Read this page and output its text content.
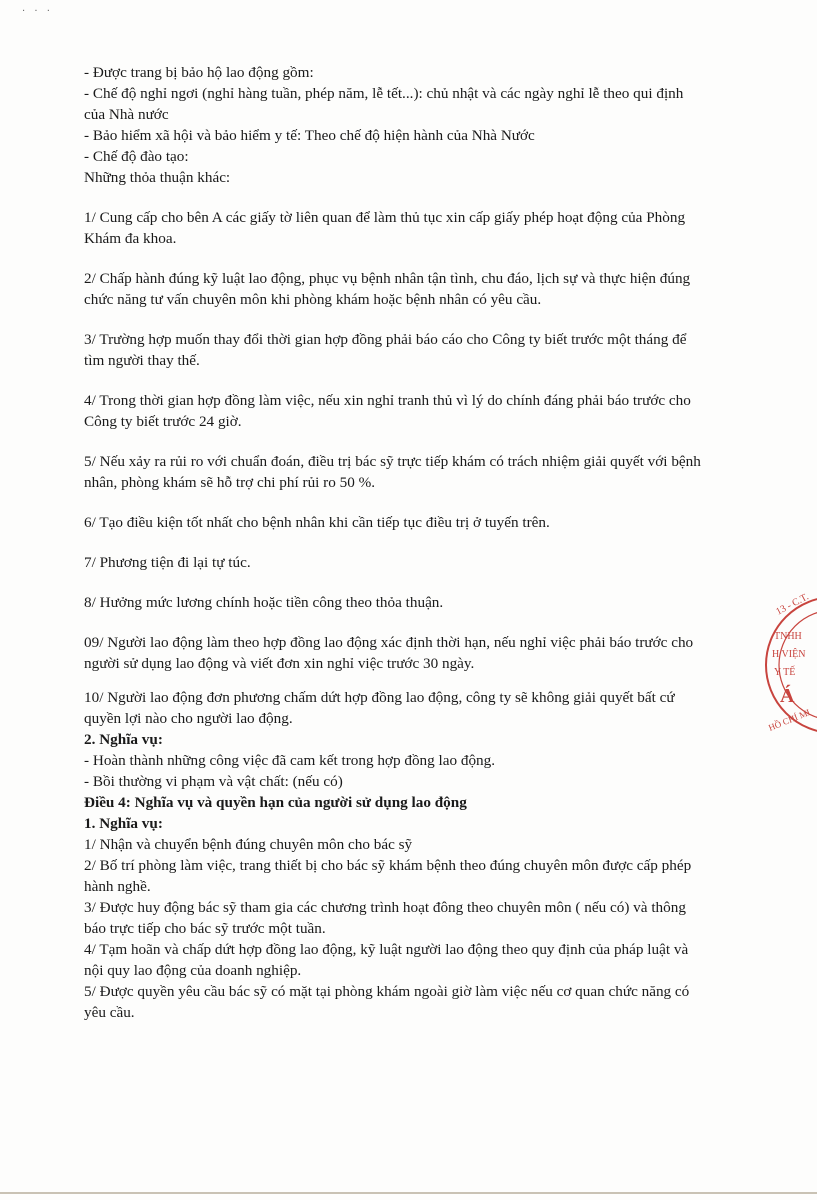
· · ·
- Được trang bị bảo hộ lao động gồm:
- Chế độ nghỉ ngơi (nghỉ hàng tuần, phép năm, lễ tết...): chủ nhật và các ngày nghỉ lễ theo qui định
của Nhà nước
- Bảo hiểm xã hội và bảo hiểm y tế: Theo chế độ hiện hành của Nhà Nước
- Chế độ đào tạo:
Những thỏa thuận khác:
1/ Cung cấp cho bên A các giấy tờ liên quan để làm thủ tục xin cấp giấy phép hoạt động của Phòng
Khám đa khoa.
2/ Chấp hành đúng kỹ luật lao động, phục vụ bệnh nhân tận tình, chu đáo, lịch sự và thực hiện đúng
chức năng tư vấn chuyên môn khi phòng khám hoặc bệnh nhân có yêu cầu.
3/ Trường hợp muốn thay đổi thời gian hợp đồng phải báo cáo cho Công ty biết trước một tháng để
tìm người thay thế.
4/ Trong thời gian hợp đồng làm việc, nếu xin nghỉ tranh thủ vì lý do chính đáng phải báo trước cho
Công ty biết trước 24 giờ.
5/ Nếu xảy ra rủi ro với chuẩn đoán, điều trị bác sỹ trực tiếp khám có trách nhiệm giải quyết với bệnh
nhân, phòng khám sẽ hỗ trợ chi phí rủi ro 50 %.
6/ Tạo điều kiện tốt nhất cho bệnh nhân khi cần tiếp tục điều trị ở tuyến trên.
7/ Phương tiện đi lại tự túc.
8/ Hưởng mức lương chính hoặc tiền công theo thỏa thuận.
09/ Người lao động làm theo hợp đồng lao động xác định thời hạn, nếu nghỉ việc phải báo trước cho
người sử dụng lao động và viết đơn xin nghỉ việc trước 30 ngày.
10/ Người lao động đơn phương chấm dứt hợp đồng lao động, công ty sẽ không giải quyết bất cứ
quyền lợi nào cho người lao động.
2. Nghĩa vụ:
- Hoàn thành những công việc đã cam kết trong hợp đồng lao động.
- Bồi thường vi phạm và vật chất: (nếu có)
Điều 4: Nghĩa vụ và quyền hạn của người sử dụng lao động
1. Nghĩa vụ:
1/ Nhận và chuyển bệnh đúng chuyên môn cho bác sỹ
2/ Bố trí phòng làm việc, trang thiết bị cho bác sỹ khám bệnh theo đúng chuyên môn được cấp phép
hành nghề.
3/ Được huy động bác sỹ tham gia các chương trình hoạt đông theo chuyên môn ( nếu có) và thông
báo trực tiếp cho bác sỹ trước một tuần.
4/ Tạm hoãn và chấp dứt hợp đồng lao động, kỹ luật người lao động theo quy định của pháp luật và
nội quy lao động của doanh nghiệp.
5/ Được quyền yêu cầu bác sỹ có mặt tại phòng khám ngoài giờ làm việc nếu cơ quan chức năng có
yêu cầu.
13 - C.T.
TNHH
H VIỆN
Y TẾ
Á
HỒ CHÍ MI
